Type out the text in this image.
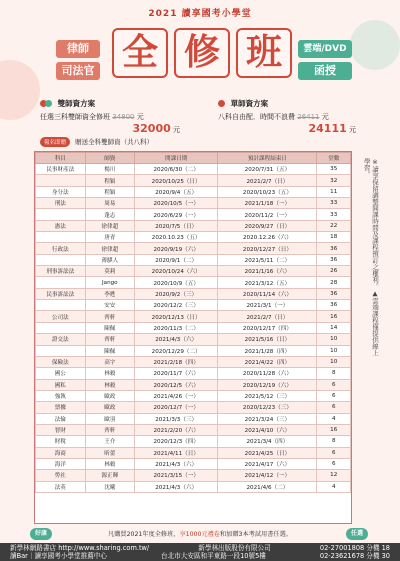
2021 讀享國考小學堂
律師
司法官 全 修 班	雲端/DVD
函授
雙師資方案
任選三科雙師資全修班 34800 元
32000 元
單師資方案
八科自由配．時間不浪費 26411 元
24111 元
報名即贈 贈送全科雙師資（共八科）
科目	師資	開課日期	預計課程結束日	堂數
民事財產法	楊川	2020/6/30（二）	2020/7/31（五）	35
	程穎	2020/10/25（日）	2021/2/7（日）	32
身分法	程穎	2020/9/4（五）	2020/10/23（五）	11
刑法	周易	2020/10/5（一）	2021/1/18（一）	33
	蓬志	2020/6/29（一）	2020/11/2（一）	33
憲法	徐律超	2020/7/5（日）	2020/9/27（日）	22
	唐青	2020.10.23（五）	2020.12.26（六）	18
行政法	徐律超	2020/9/19（六）	2020/12/27（日）	36
	薄騏人	2020/9/1（二）	2021/5/11（二）	36
刑事訴訟法	莫莉	2020/10/24（六）	2021/1/16（六）	26
	Jango	2020/10/9（五）	2021/3/12（五）	28
民事訴訟法	李甦	2020/9/2（三）	2020/11/14（六）	36
	安安	2020/12/2（三）	2021/3/1（一）	36
公司法	齊軒	2020/12/13（日）	2021/2/7（日）	16
	陳佩	2020/11/3（二）	2020/12/17（四）	14
證交法	齊軒	2021/4/3（六）	2021/5/16（日）	10
	陳佩	2020/12/29（二）	2021/1/28（四）	10
保險法	高宇	2021/2/18（四）	2021/4/22（四）	10
國公	林穀	2020/11/7（六）	2020/11/28（六）	8
國私	林穀	2020/12/5（六）	2020/12/19（六）	6
強執	歐政	2021/4/26（一）	2021/5/12（三）	6
票據	歐政	2020/12/7（一）	2020/12/23（三）	6
法倫	歐羽	2021/3/3（三）	2021/3/24（三）	4
智財	齊軒	2021/2/20（六）	2021/4/10（六）	16
財稅	王介	2020/12/3（四）	2021/3/4（四）	8
海商	昕蕾	2021/4/11（日）	2021/4/25（日）	6
海洋	林穀	2021/4/3（六）	2021/4/17（六）	6
勞社	源正暉	2021/3/15（一）	2021/4/12（一）	12
法英	沈曦	2021/4/3（六）	2021/4/6（二）	4
※讀享保留調整開課時間及課程預訂之權利。▲雲端課程僅提供線上學習。
好康	凡購買2021年度全修班，享1000元禮卷和加贈3本考試用書任選。	任選
新學林網路書店 http://www.sharing.com.tw/	新學林出版股份有限公司	02-27001808 分機 18
讀Bar｜讀享國考小學堂推薦中心	台北市大安區和平東路一段10號5樓	02-23621678 分機 30
